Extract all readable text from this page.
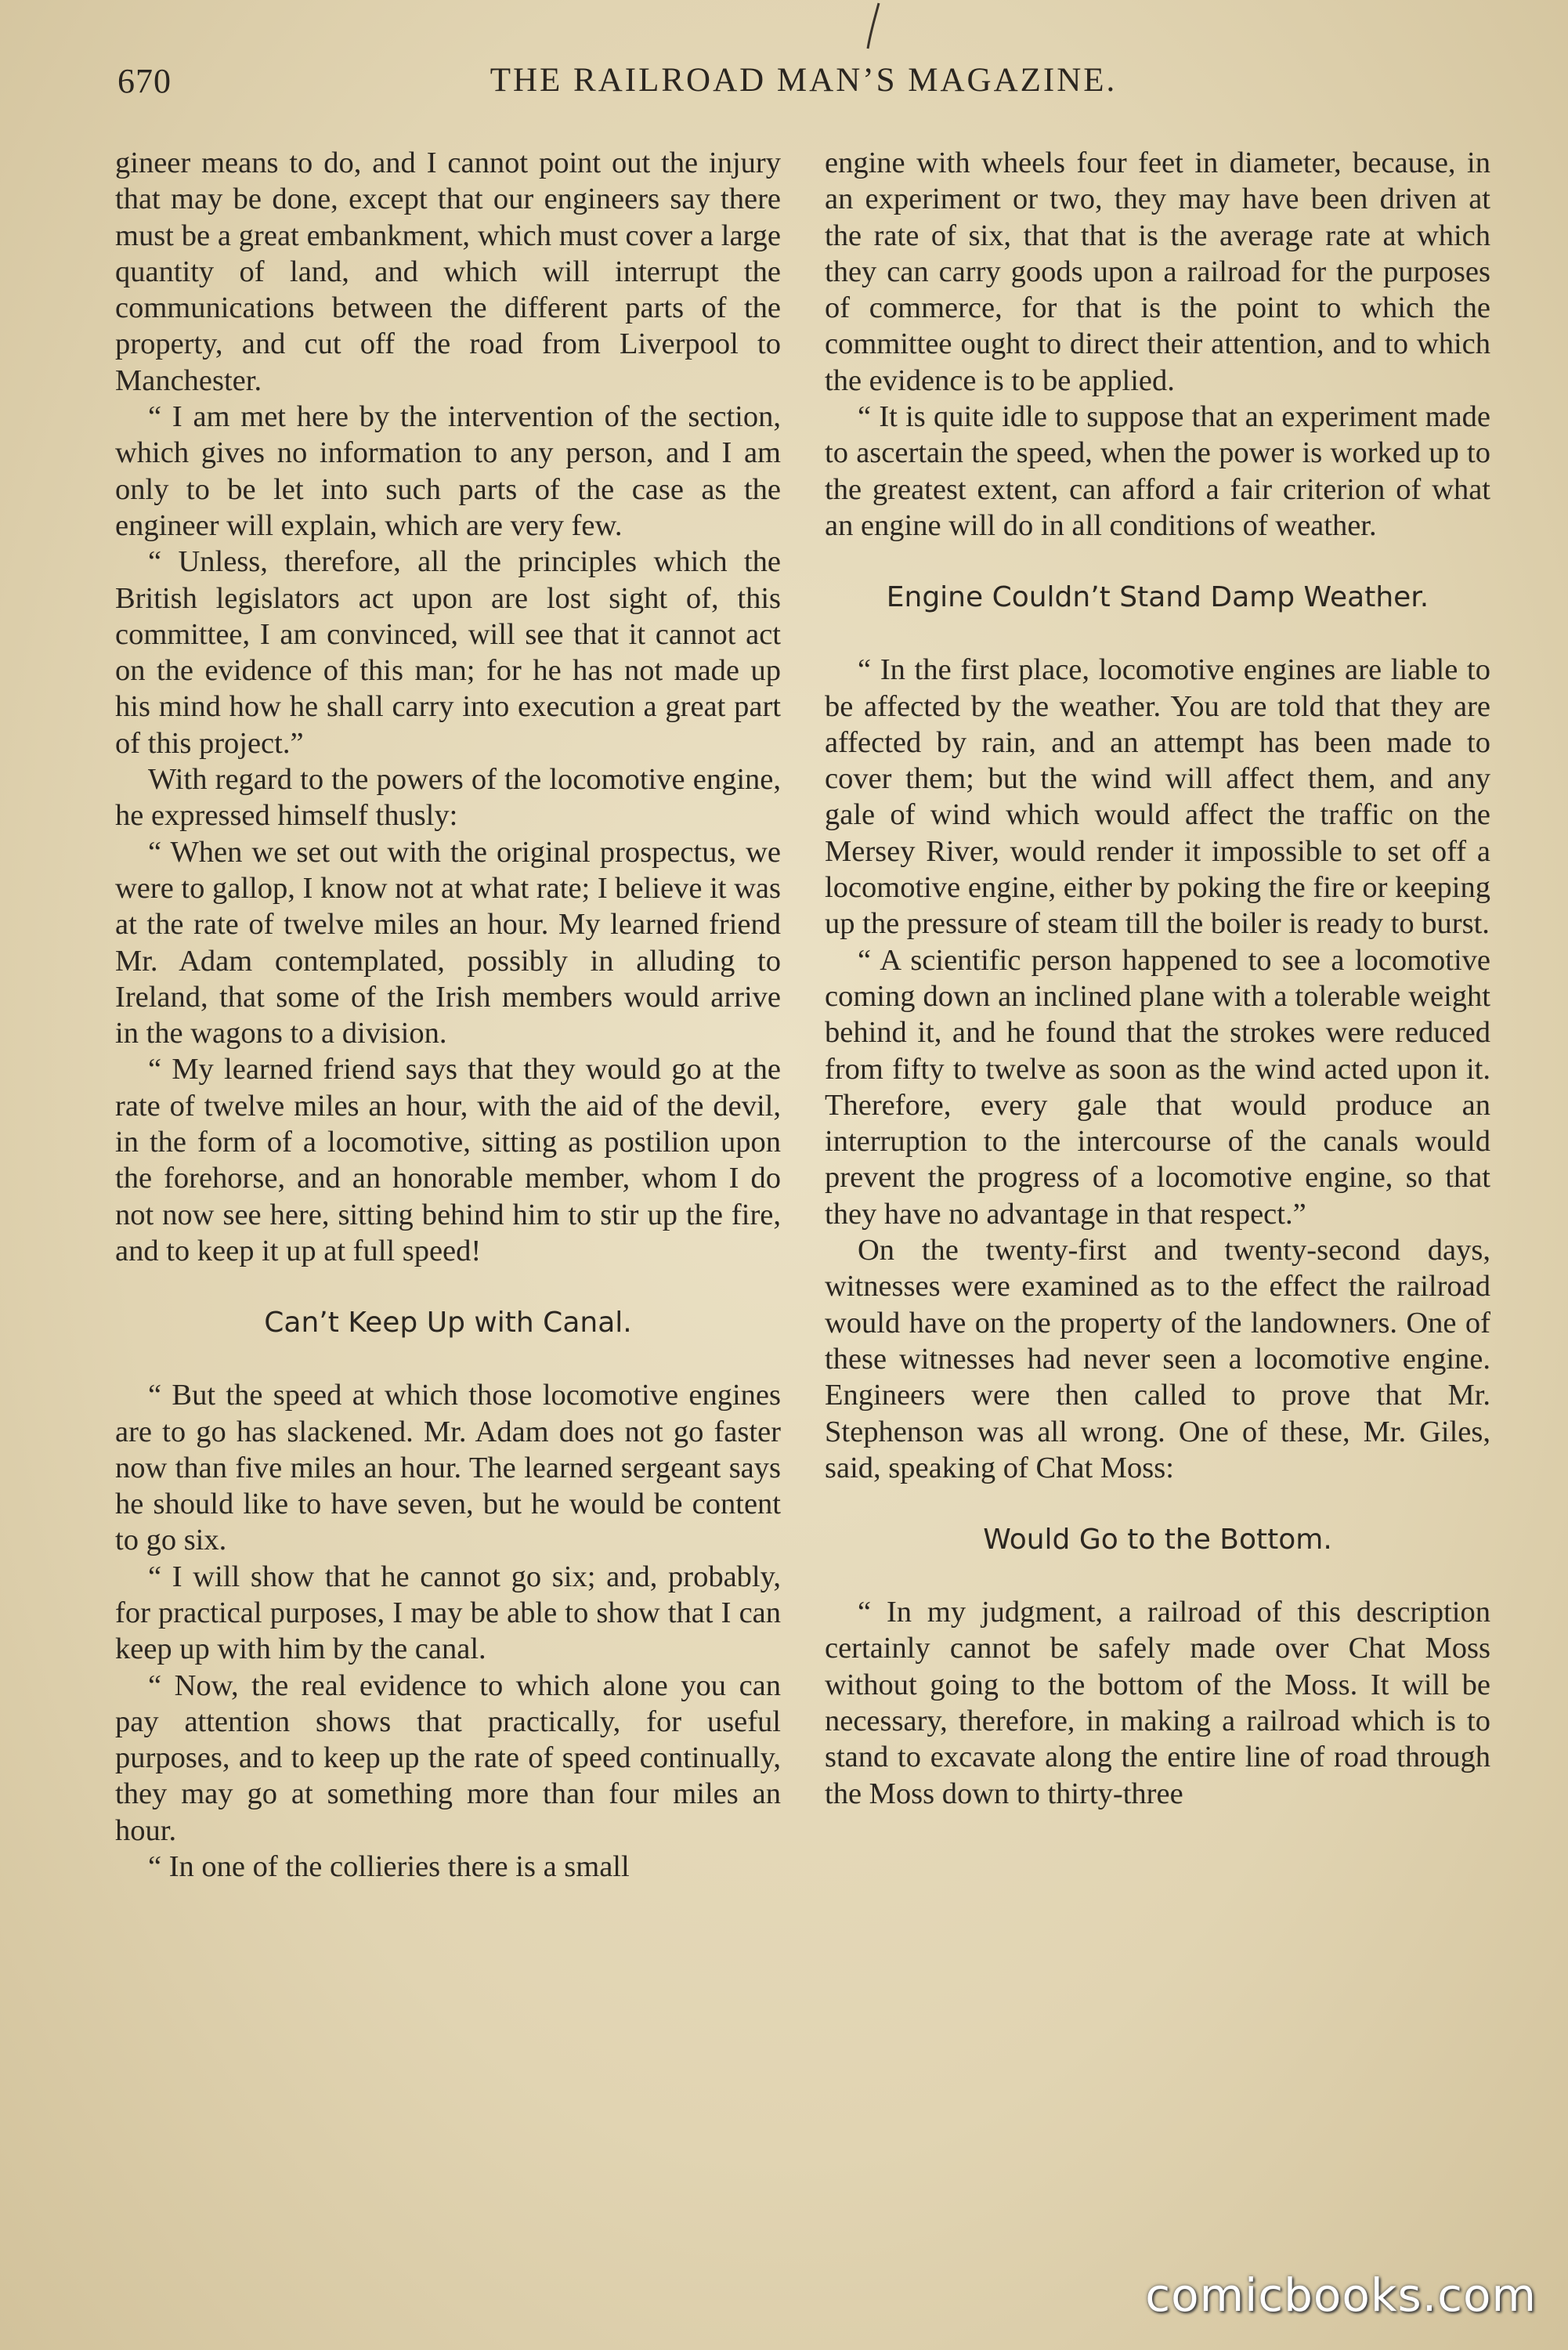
670	THE RAILROAD MAN’S MAGAZINE.

gineer means to do, and I cannot point out the injury that may be done, except that our engineers say there must be a great embankment, which must cover a large quantity of land, and which will interrupt the communications between the different parts of the property, and cut off the road from Liverpool to Manchester.

“ I am met here by the intervention of the section, which gives no information to any person, and I am only to be let into such parts of the case as the engineer will explain, which are very few.

“ Unless, therefore, all the principles which the British legislators act upon are lost sight of, this committee, I am convinced, will see that it cannot act on the evidence of this man; for he has not made up his mind how he shall carry into execution a great part of this project.”

With regard to the powers of the locomotive engine, he expressed himself thusly:

“ When we set out with the original prospectus, we were to gallop, I know not at what rate; I believe it was at the rate of twelve miles an hour. My learned friend Mr. Adam contemplated, possibly in alluding to Ireland, that some of the Irish members would arrive in the wagons to a division.

“ My learned friend says that they would go at the rate of twelve miles an hour, with the aid of the devil, in the form of a locomotive, sitting as postilion upon the forehorse, and an honorable member, whom I do not now see here, sitting behind him to stir up the fire, and to keep it up at full speed!

Can’t Keep Up with Canal.

“ But the speed at which those locomotive engines are to go has slackened. Mr. Adam does not go faster now than five miles an hour. The learned sergeant says he should like to have seven, but he would be content to go six.

“ I will show that he cannot go six; and, probably, for practical purposes, I may be able to show that I can keep up with him by the canal.

“ Now, the real evidence to which alone you can pay attention shows that practically, for useful purposes, and to keep up the rate of speed continually, they may go at something more than four miles an hour.

“ In one of the collieries there is a small

engine with wheels four feet in diameter, because, in an experiment or two, they may have been driven at the rate of six, that that is the average rate at which they can carry goods upon a railroad for the purposes of commerce, for that is the point to which the committee ought to direct their attention, and to which the evidence is to be applied.

“ It is quite idle to suppose that an experiment made to ascertain the speed, when the power is worked up to the greatest extent, can afford a fair criterion of what an engine will do in all conditions of weather.

Engine Couldn’t Stand Damp Weather.

“ In the first place, locomotive engines are liable to be affected by the weather. You are told that they are affected by rain, and an attempt has been made to cover them; but the wind will affect them, and any gale of wind which would affect the traffic on the Mersey River, would render it impossible to set off a locomotive engine, either by poking the fire or keeping up the pressure of steam till the boiler is ready to burst.

“ A scientific person happened to see a locomotive coming down an inclined plane with a tolerable weight behind it, and he found that the strokes were reduced from fifty to twelve as soon as the wind acted upon it. Therefore, every gale that would produce an interruption to the intercourse of the canals would prevent the progress of a locomotive engine, so that they have no advantage in that respect.”

On the twenty-first and twenty-second days, witnesses were examined as to the effect the railroad would have on the property of the landowners. One of these witnesses had never seen a locomotive engine. Engineers were then called to prove that Mr. Stephenson was all wrong. One of these, Mr. Giles, said, speaking of Chat Moss:

Would Go to the Bottom.

“ In my judgment, a railroad of this description certainly cannot be safely made over Chat Moss without going to the bottom of the Moss. It will be necessary, therefore, in making a railroad which is to stand to excavate along the entire line of road through the Moss down to thirty-three

comicbooks.com
